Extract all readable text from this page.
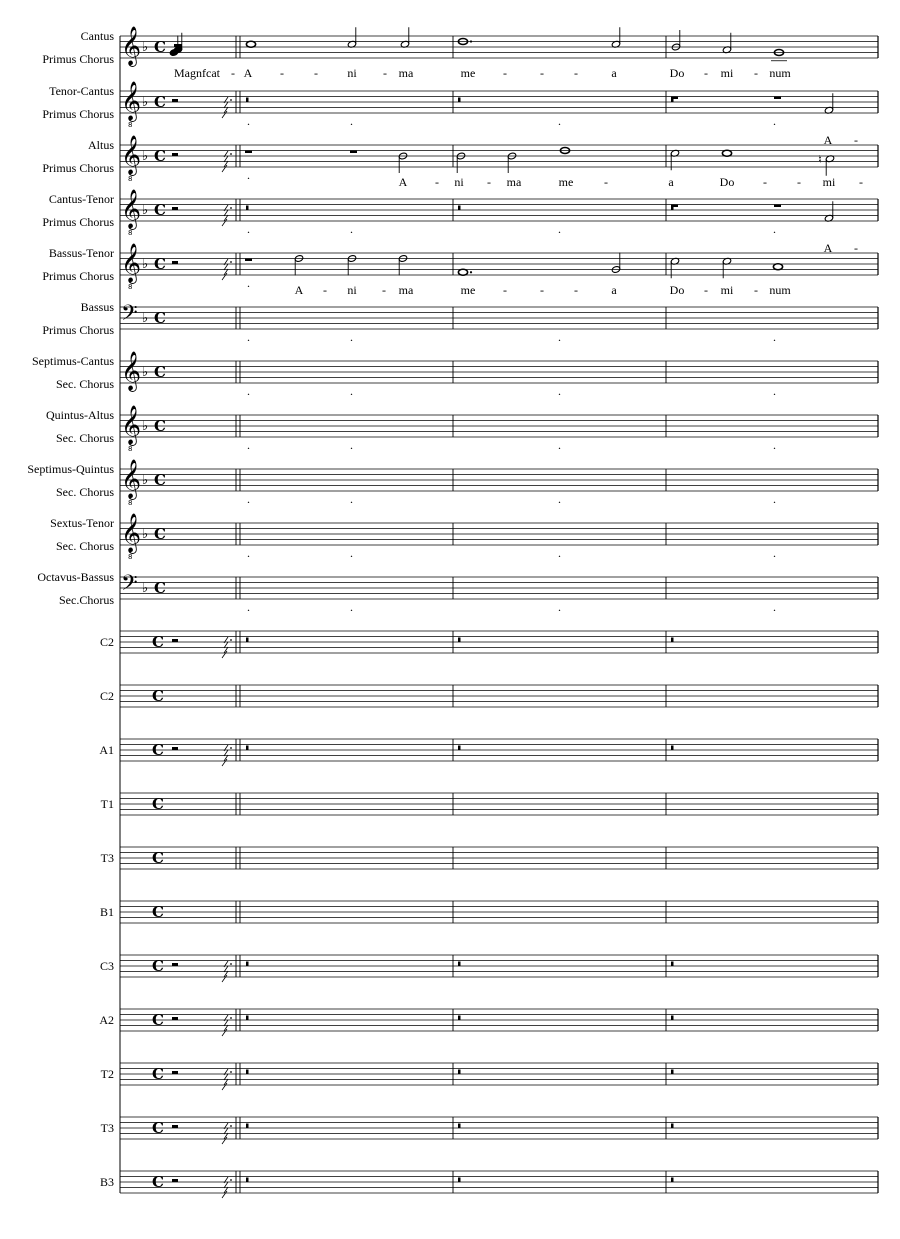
𝄞 ♭ C
𝄞
8
♭ C
𝄞
8
♭ C
𝄞
8
♭ C
𝄞
8
♭ C
𝄢 ♭ C
𝄞 ♭ C
𝄞
8
♭ C
𝄞
8
♭ C
𝄞
8
♭ C
𝄢 ♭ C
C
C
C
C
C
C
C
C
C
C
C
♮
Cantus
Primus Chorus
Magnfcat - A -	- ni - ma	me -	-	-	a	Do - mi - num
Tenor-Cantus
Primus Chorus	.	.	.	.
A -
Altus
Primus Chorus	.	A - ni - ma	me	-	a	Do -	- mi -
Cantus-Tenor
Primus Chorus	.	.	.	.
A -
Bassus-Tenor
Primus Chorus	.	A - ni - ma	me -	-	-	a	Do - mi - num
Bassus
Primus Chorus	.	.	.	.
Septimus-Cantus
Sec. Chorus	.	.	.	.
Quintus-Altus
Sec. Chorus	.	.	.	.
Septimus-Quintus
Sec. Chorus	.	.	.	.
Sextus-Tenor
Sec. Chorus	.	.	.	.
Octavus-Bassus
Sec.Chorus	.	.	.	.
C2
C2
A1
T1
T3
B1
C3
A2
T2
T3
B3
